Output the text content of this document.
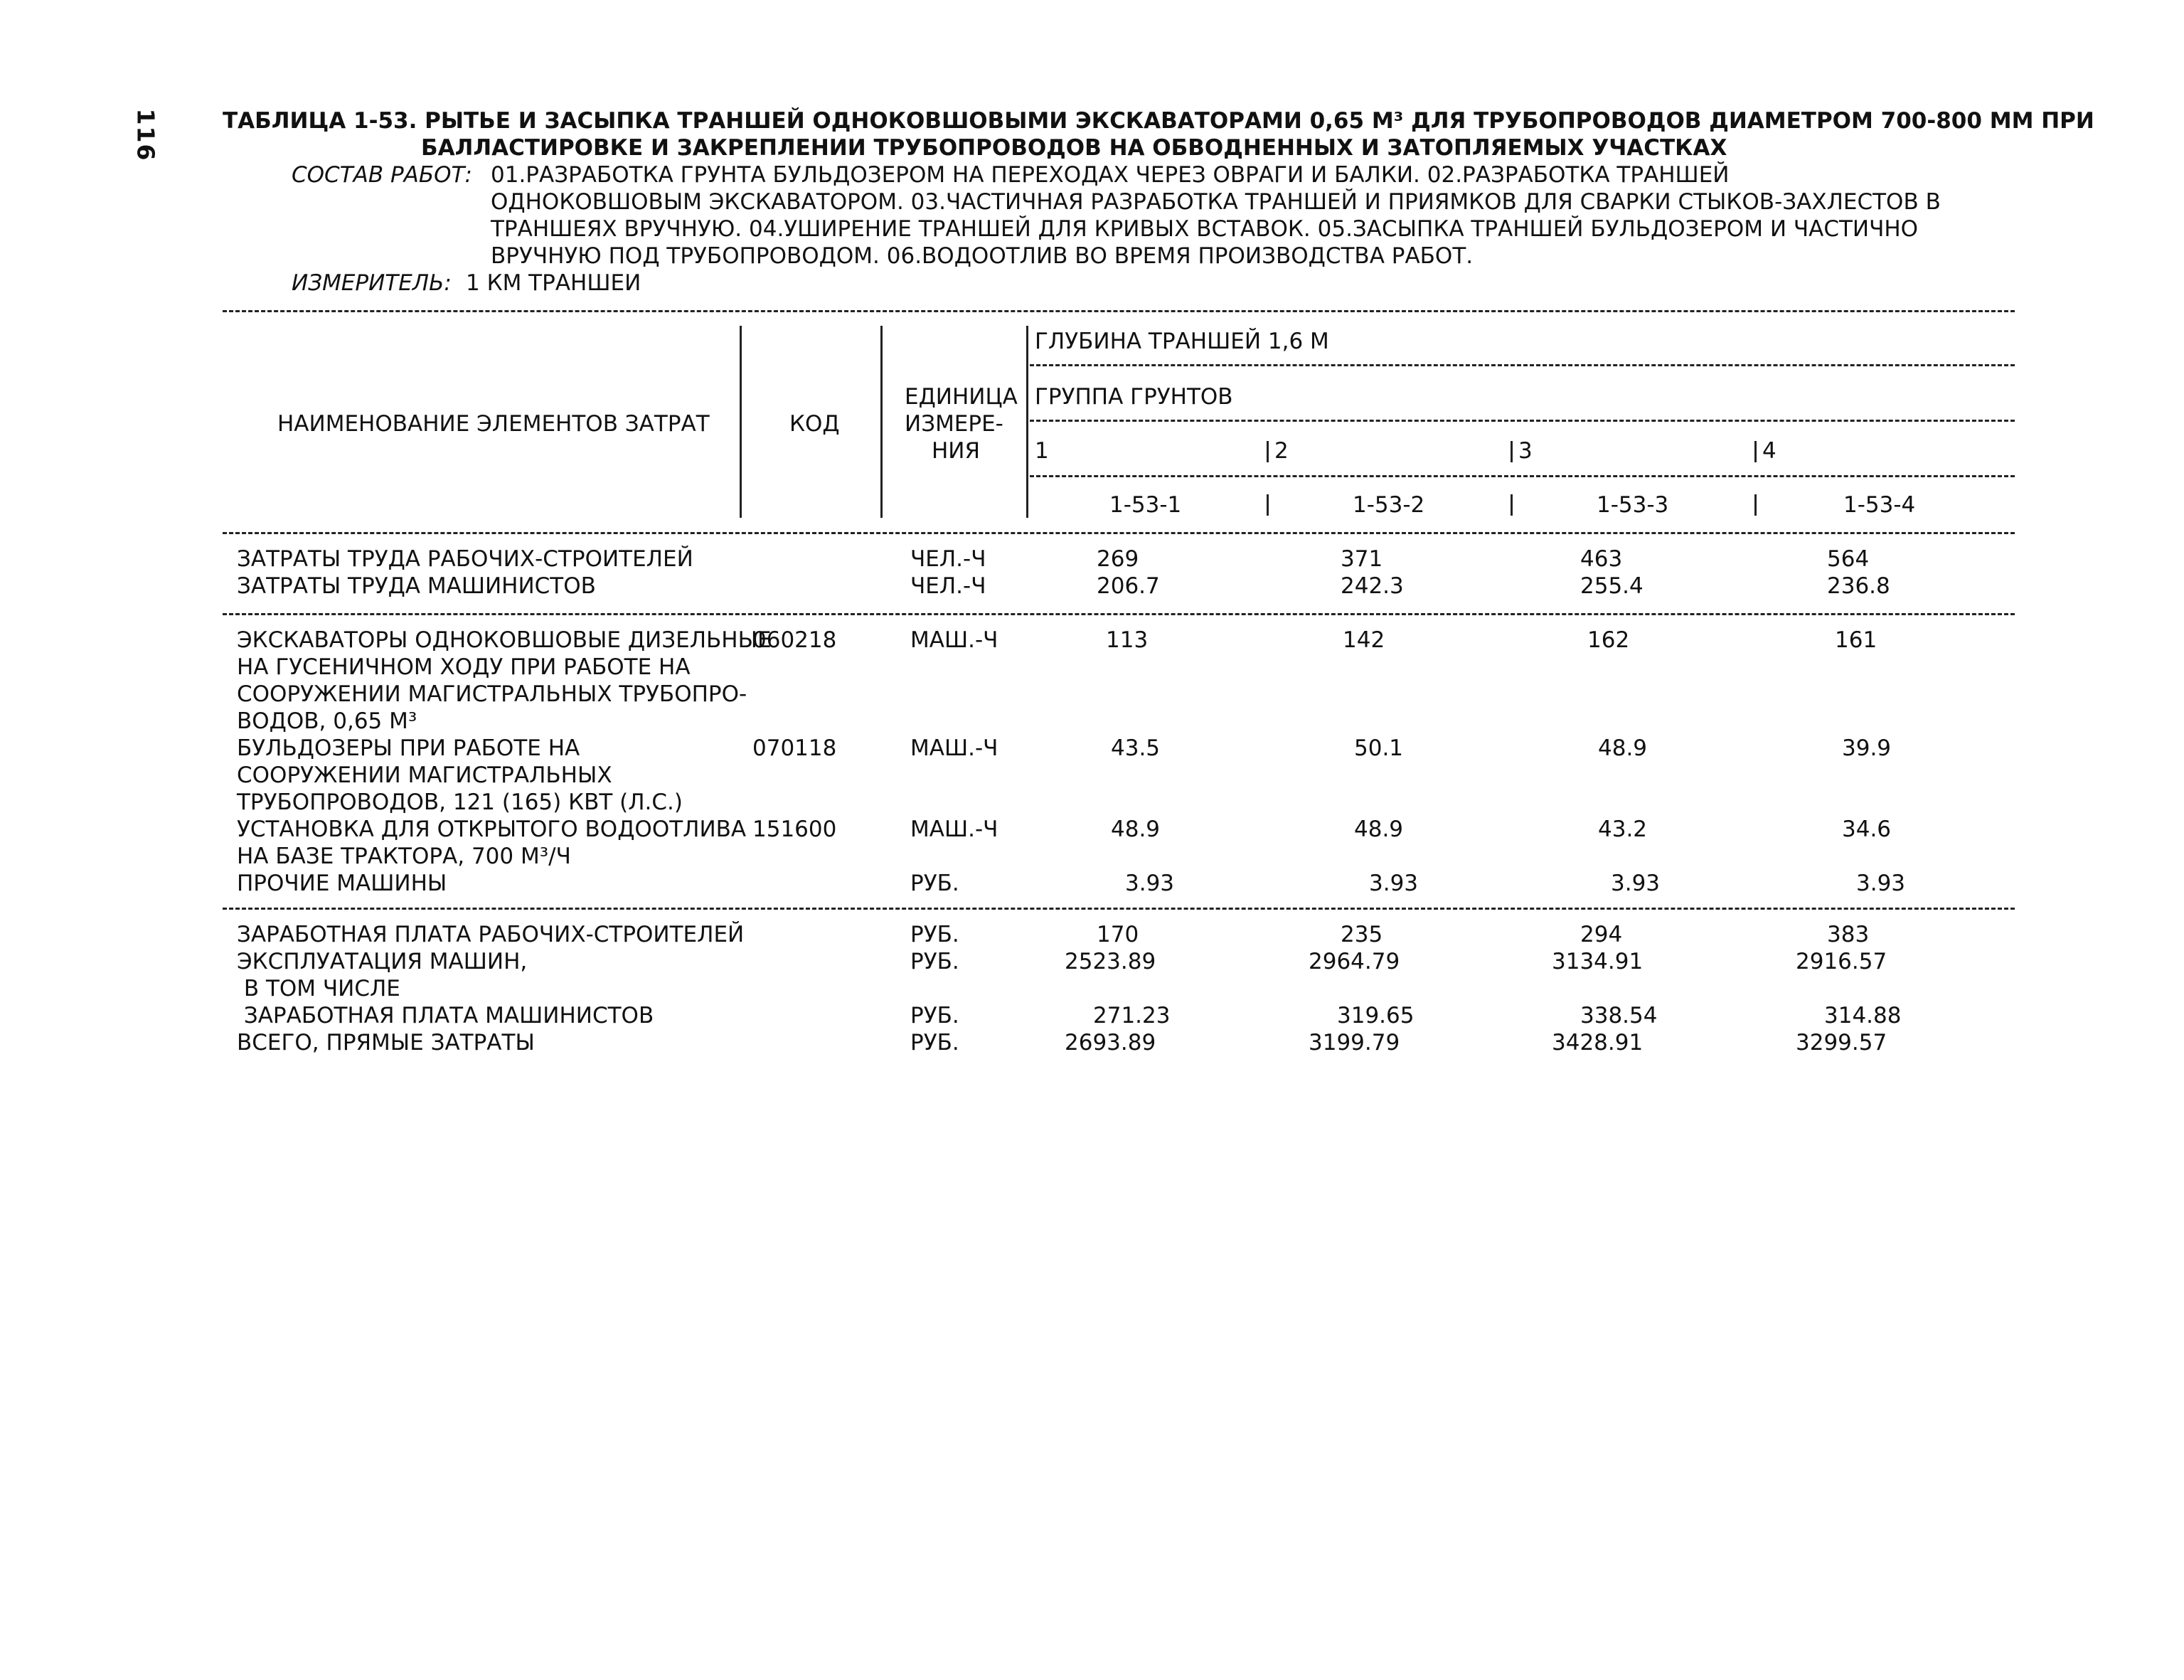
116	ТАБЛИЦА 1-53. РЫТЬЕ И ЗАСЫПКА ТРАНШЕЙ ОДНОКОВШОВЫМИ ЭКСКАВАТОРАМИ 0,65 М³ ДЛЯ ТРУБОПРОВОДОВ ДИАМЕТРОМ 700-800 ММ ПРИ
БАЛЛАСТИРОВКЕ И ЗАКРЕПЛЕНИИ ТРУБОПРОВОДОВ НА ОБВОДНЕННЫХ И ЗАТОПЛЯЕМЫХ УЧАСТКАХ
СОСТАВ РАБОТ: 01.РАЗРАБОТКА ГРУНТА БУЛЬДОЗЕРОМ НА ПЕРЕХОДАХ ЧЕРЕЗ ОВРАГИ И БАЛКИ. 02.РАЗРАБОТКА ТРАНШЕЙ
ОДНОКОВШОВЫМ ЭКСКАВАТОРОМ. 03.ЧАСТИЧНАЯ РАЗРАБОТКА ТРАНШЕЙ И ПРИЯМКОВ ДЛЯ СВАРКИ СТЫКОВ-ЗАХЛЕСТОВ В
ТРАНШЕЯХ ВРУЧНУЮ. 04.УШИРЕНИЕ ТРАНШЕЙ ДЛЯ КРИВЫХ ВСТАВОК. 05.ЗАСЫПКА ТРАНШЕЙ БУЛЬДОЗЕРОМ И ЧАСТИЧНО
ВРУЧНУЮ ПОД ТРУБОПРОВОДОМ. 06.ВОДООТЛИВ ВО ВРЕМЯ ПРОИЗВОДСТВА РАБОТ.
ИЗМЕРИТЕЛЬ: 1 КМ ТРАНШЕИ
НАИМЕНОВАНИЕ ЭЛЕМЕНТОВ ЗАТРАТ	КОД
ЕДИНИЦА
ИЗМЕРЕ-
НИЯ
ГЛУБИНА ТРАНШЕЙ 1,6 М
ГРУППА ГРУНТОВ
1	2	3	4
1-53-1	1-53-2	1-53-3	1-53-4
ЗАТРАТЫ ТРУДА РАБОЧИХ-СТРОИТЕЛЕЙ	ЧЕЛ.-Ч	269	371	463	564
ЗАТРАТЫ ТРУДА МАШИНИСТОВ	ЧЕЛ.-Ч	206.7	242.3	255.4	236.8
ЭКСКАВАТОРЫ ОДНОКОВШОВЫЕ ДИЗЕЛЬНЫЕ
НА ГУСЕНИЧНОМ ХОДУ ПРИ РАБОТЕ НА
СООРУЖЕНИИ МАГИСТРАЛЬНЫХ ТРУБОПРО-
ВОДОВ, 0,65 М³
060218	МАШ.-Ч	113	142	162	161
БУЛЬДОЗЕРЫ ПРИ РАБОТЕ НА
СООРУЖЕНИИ МАГИСТРАЛЬНЫХ
ТРУБОПРОВОДОВ, 121 (165) КВТ (Л.С.)
070118	МАШ.-Ч	43.5	50.1	48.9	39.9
УСТАНОВКА ДЛЯ ОТКРЫТОГО ВОДООТЛИВА
НА БАЗЕ ТРАКТОРА, 700 М³/Ч
151600	МАШ.-Ч	48.9	48.9	43.2	34.6
ПРОЧИЕ МАШИНЫ	РУБ.	3.93	3.93	3.93	3.93
ЗАРАБОТНАЯ ПЛАТА РАБОЧИХ-СТРОИТЕЛЕЙ	РУБ.	170	235	294	383
ЭКСПЛУАТАЦИЯ МАШИН,	РУБ.	2523.89	2964.79	3134.91	2916.57
В ТОМ ЧИСЛЕ
ЗАРАБОТНАЯ ПЛАТА МАШИНИСТОВ	РУБ.	271.23	319.65	338.54	314.88
ВСЕГО, ПРЯМЫЕ ЗАТРАТЫ	РУБ.	2693.89	3199.79	3428.91	3299.57
